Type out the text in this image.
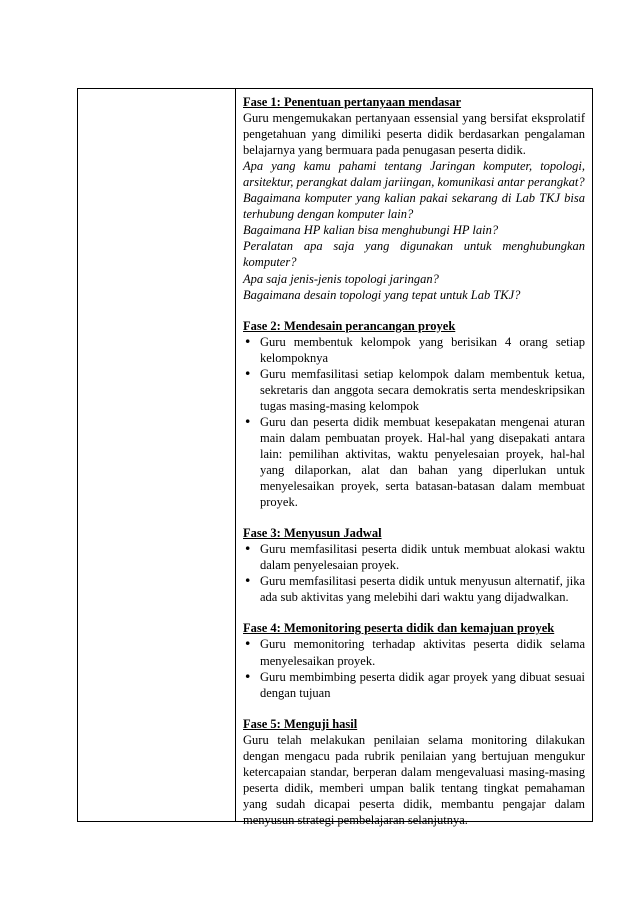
Fase 1: Penentuan pertanyaan mendasar

Guru mengemukakan pertanyaan essensial yang bersifat eksprolatif pengetahuan yang dimiliki peserta didik berdasarkan pengalaman belajarnya yang bermuara pada penugasan peserta didik.

Apa yang kamu pahami tentang Jaringan komputer, topologi, arsitektur, perangkat dalam jariingan, komunikasi antar perangkat?

Bagaimana komputer yang kalian pakai sekarang di Lab TKJ bisa terhubung dengan komputer lain?

Bagaimana HP kalian bisa menghubungi HP lain?

Peralatan apa saja yang digunakan untuk menghubungkan komputer?

Apa saja jenis-jenis topologi jaringan?

Bagaimana desain topologi yang tepat untuk Lab TKJ?

Fase 2: Mendesain perancangan proyek

• Guru membentuk kelompok yang berisikan 4 orang setiap kelompoknya
• Guru memfasilitasi setiap kelompok dalam membentuk ketua, sekretaris dan anggota secara demokratis serta mendeskripsikan tugas masing-masing kelompok
• Guru dan peserta didik membuat kesepakatan mengenai aturan main dalam pembuatan proyek. Hal-hal yang disepakati antara lain: pemilihan aktivitas, waktu penyelesaian proyek, hal-hal yang dilaporkan, alat dan bahan yang diperlukan untuk menyelesaikan proyek, serta batasan-batasan dalam membuat proyek.

Fase 3: Menyusun Jadwal

• Guru memfasilitasi peserta didik untuk membuat alokasi waktu dalam penyelesaian proyek.
• Guru memfasilitasi peserta didik untuk menyusun alternatif, jika ada sub aktivitas yang melebihi dari waktu yang dijadwalkan.

Fase 4: Memonitoring peserta didik dan kemajuan proyek

• Guru memonitoring terhadap aktivitas peserta didik selama menyelesaikan proyek.
• Guru membimbing peserta didik agar proyek yang dibuat sesuai dengan tujuan

Fase 5: Menguji hasil

Guru telah melakukan penilaian selama monitoring dilakukan dengan mengacu pada rubrik penilaian yang bertujuan mengukur ketercapaian standar, berperan dalam mengevaluasi masing-masing peserta didik, memberi umpan balik tentang tingkat pemahaman yang sudah dicapai peserta didik, membantu pengajar dalam menyusun strategi pembelajaran selanjutnya.
